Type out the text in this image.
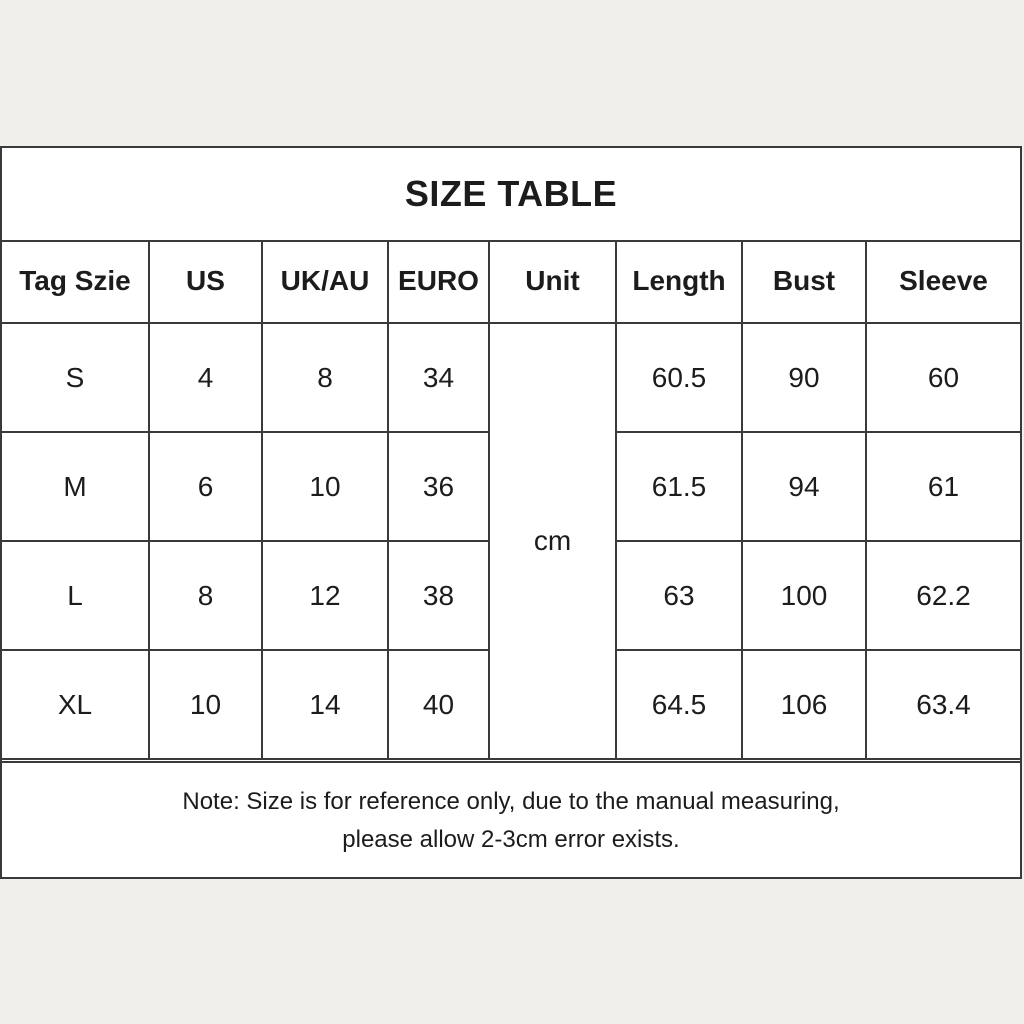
SIZE TABLE
Tag Szie	US	UK/AU	EURO	Unit	Length	Bust	Sleeve
S	4	8	34	cm	60.5	90	60
M	6	10	36		61.5	94	61
L	8	12	38		63	100	62.2
XL	10	14	40		64.5	106	63.4
Note: Size is for reference only, due to the manual measuring,
please allow 2-3cm error exists.
